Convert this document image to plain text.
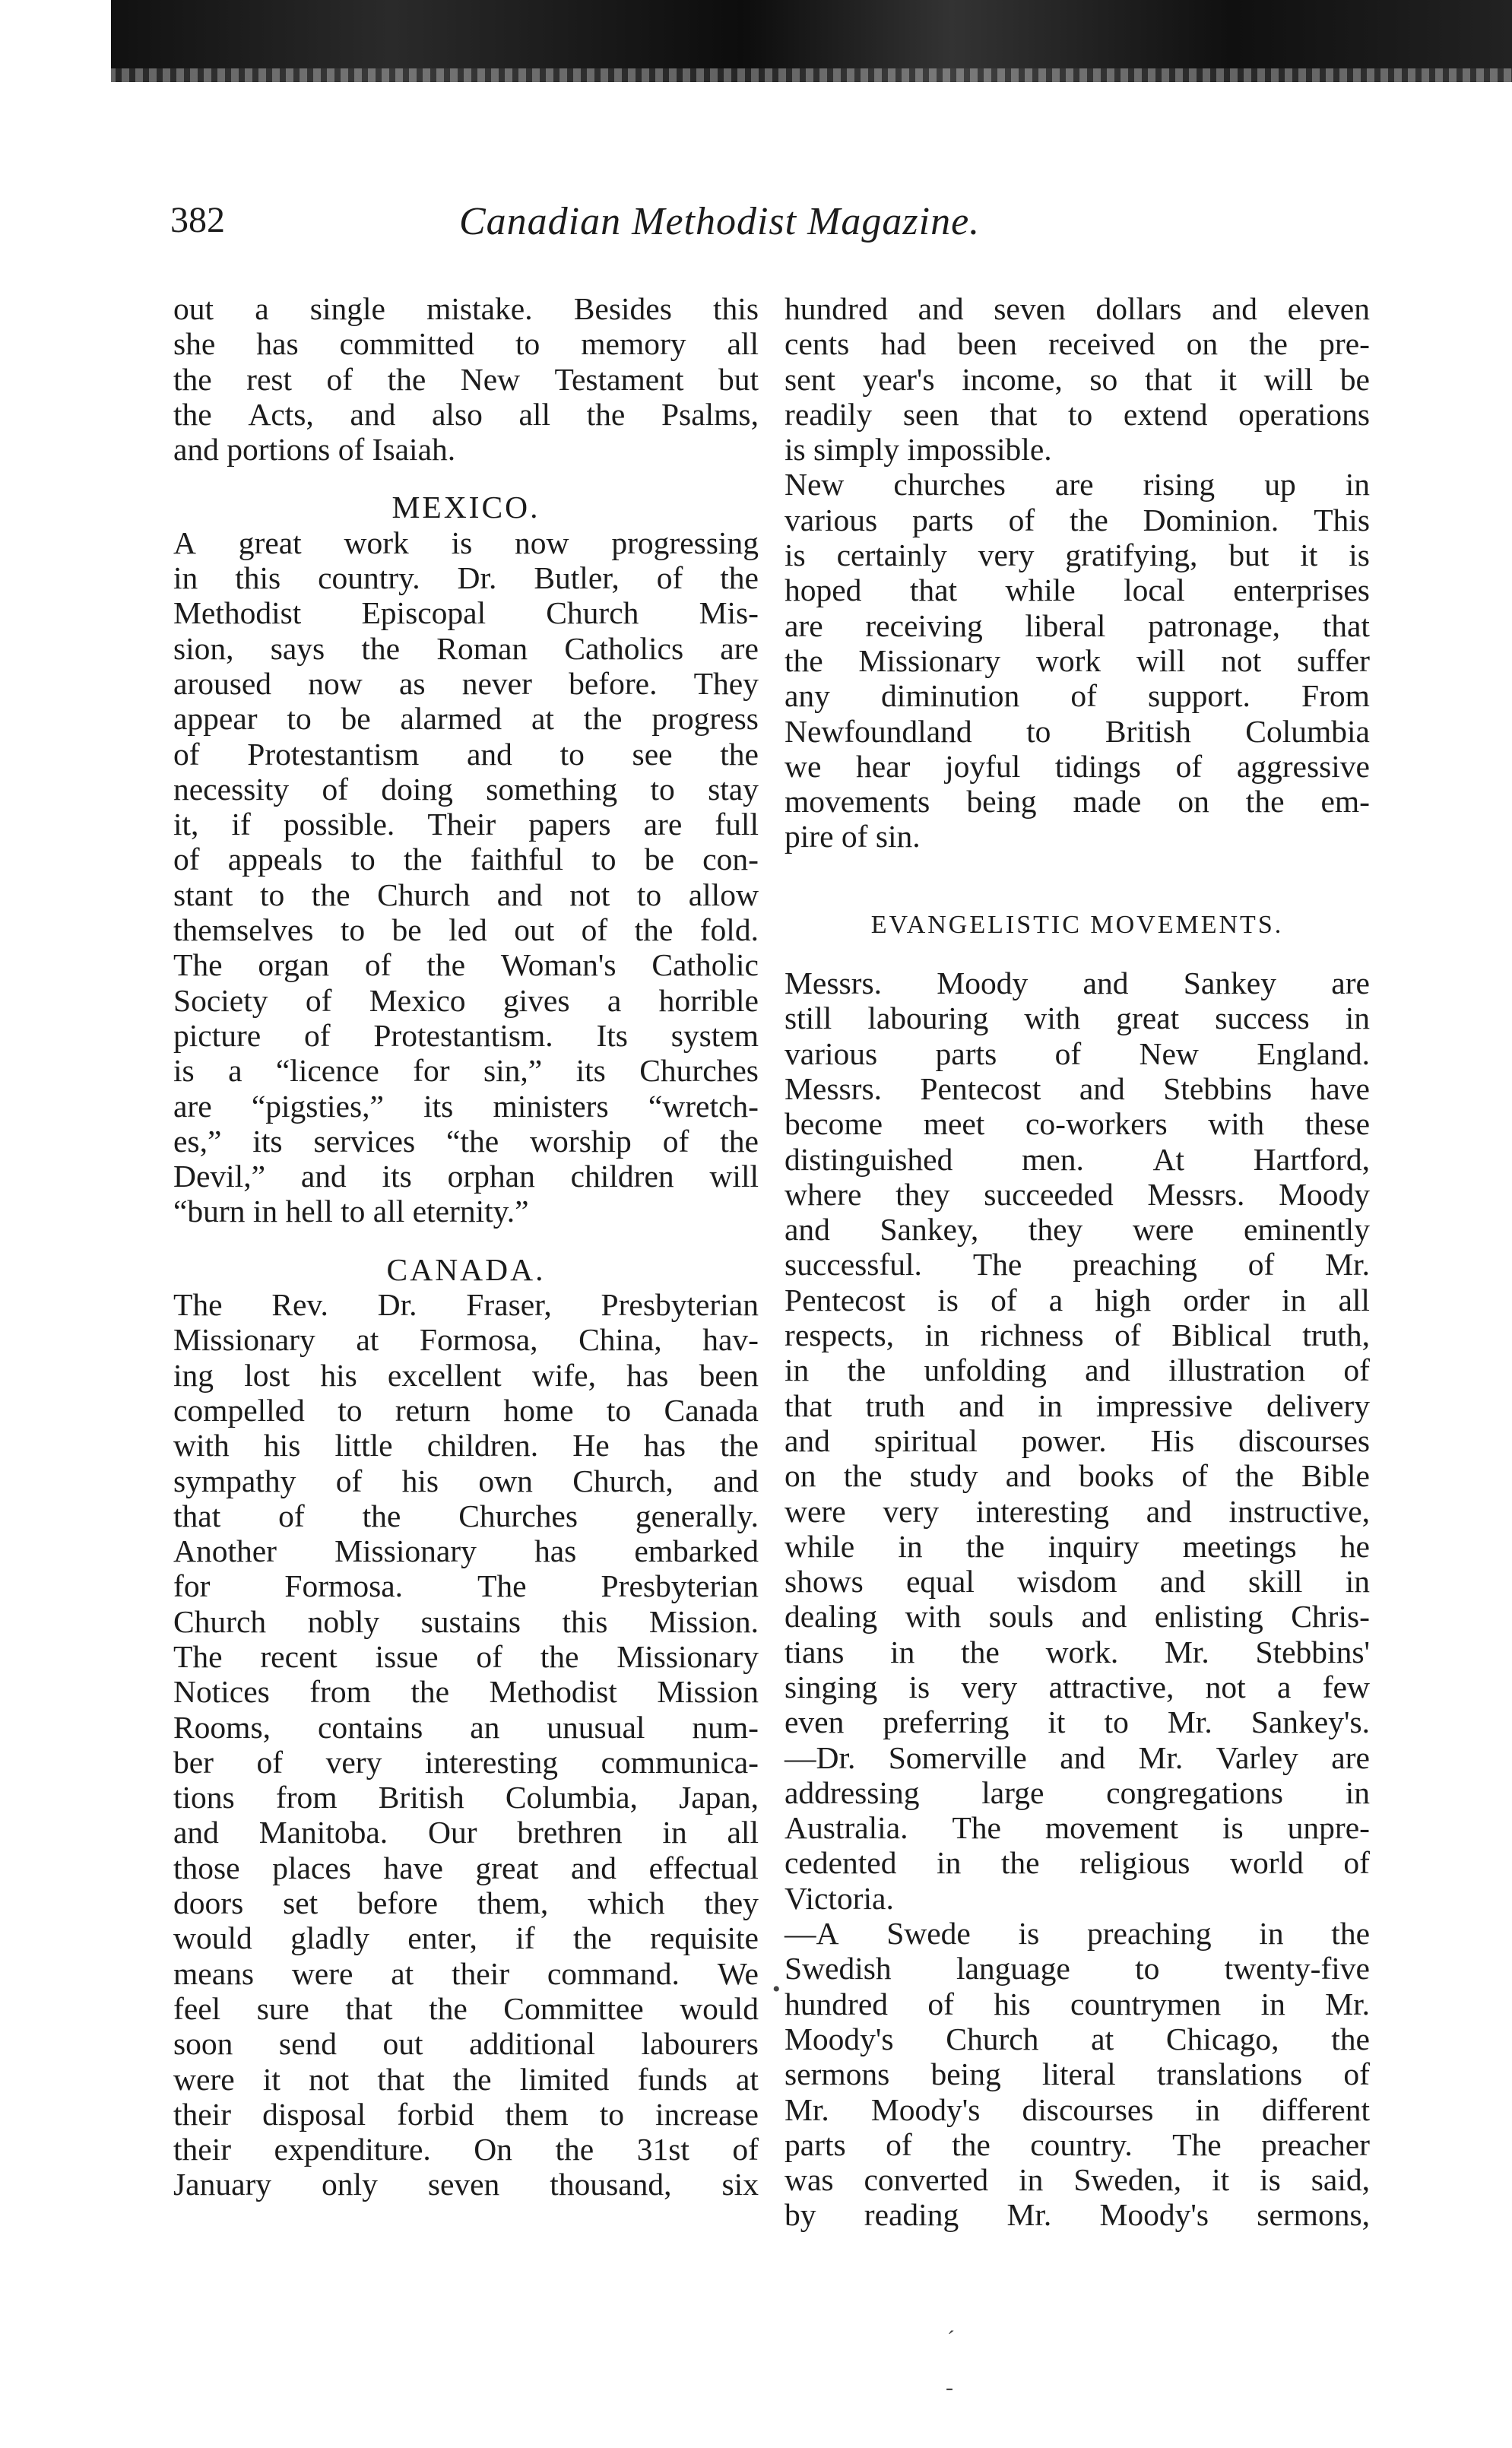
382	Canadian Methodist Magazine.
out a single mistake. Besides this
she has committed to memory all
the rest of the New Testament but
the Acts, and also all the Psalms,
and portions of Isaiah.
MEXICO.
A great work is now progressing
in this country. Dr. Butler, of the
Methodist Episcopal Church Mis-
sion, says the Roman Catholics are
aroused now as never before. They
appear to be alarmed at the progress
of Protestantism and to see the
necessity of doing something to stay
it, if possible. Their papers are full
of appeals to the faithful to be con-
stant to the Church and not to allow
themselves to be led out of the fold.
The organ of the Woman's Catholic
Society of Mexico gives a horrible
picture of Protestantism. Its system
is a “licence for sin,” its Churches
are “pigsties,” its ministers “wretch-
es,” its services “the worship of the
Devil,” and its orphan children will
“burn in hell to all eternity.”
CANADA.
The Rev. Dr. Fraser, Presbyterian
Missionary at Formosa, China, hav-
ing lost his excellent wife, has been
compelled to return home to Canada
with his little children. He has the
sympathy of his own Church, and
that of the Churches generally.
Another Missionary has embarked
for Formosa. The Presbyterian
Church nobly sustains this Mission.
The recent issue of the Missionary
Notices from the Methodist Mission
Rooms, contains an unusual num-
ber of very interesting communica-
tions from British Columbia, Japan,
and Manitoba. Our brethren in all
those places have great and effectual
doors set before them, which they
would gladly enter, if the requisite
means were at their command. We
feel sure that the Committee would
soon send out additional labourers
were it not that the limited funds at
their disposal forbid them to increase
their expenditure. On the 31st of
January only seven thousand, six
hundred and seven dollars and eleven
cents had been received on the pre-
sent year's income, so that it will be
readily seen that to extend operations
is simply impossible.
New churches are rising up in
various parts of the Dominion. This
is certainly very gratifying, but it is
hoped that while local enterprises
are receiving liberal patronage, that
the Missionary work will not suffer
any diminution of support. From
Newfoundland to British Columbia
we hear joyful tidings of aggressive
movements being made on the em-
pire of sin.
EVANGELISTIC MOVEMENTS.
Messrs. Moody and Sankey are
still labouring with great success in
various parts of New England.
Messrs. Pentecost and Stebbins have
become meet co-workers with these
distinguished men. At Hartford,
where they succeeded Messrs. Moody
and Sankey, they were eminently
successful. The preaching of Mr.
Pentecost is of a high order in all
respects, in richness of Biblical truth,
in the unfolding and illustration of
that truth and in impressive delivery
and spiritual power. His discourses
on the study and books of the Bible
were very interesting and instructive,
while in the inquiry meetings he
shows equal wisdom and skill in
dealing with souls and enlisting Chris-
tians in the work. Mr. Stebbins'
singing is very attractive, not a few
even preferring it to Mr. Sankey's.
—Dr. Somerville and Mr. Varley are
addressing large congregations in
Australia. The movement is unpre-
cedented in the religious world of
Victoria.
—A Swede is preaching in the
Swedish language to twenty-five
hundred of his countrymen in Mr.
Moody's Church at Chicago, the
sermons being literal translations of
Mr. Moody's discourses in different
parts of the country. The preacher
was converted in Sweden, it is said,
by reading Mr. Moody's sermons,
•
ˊ
-
